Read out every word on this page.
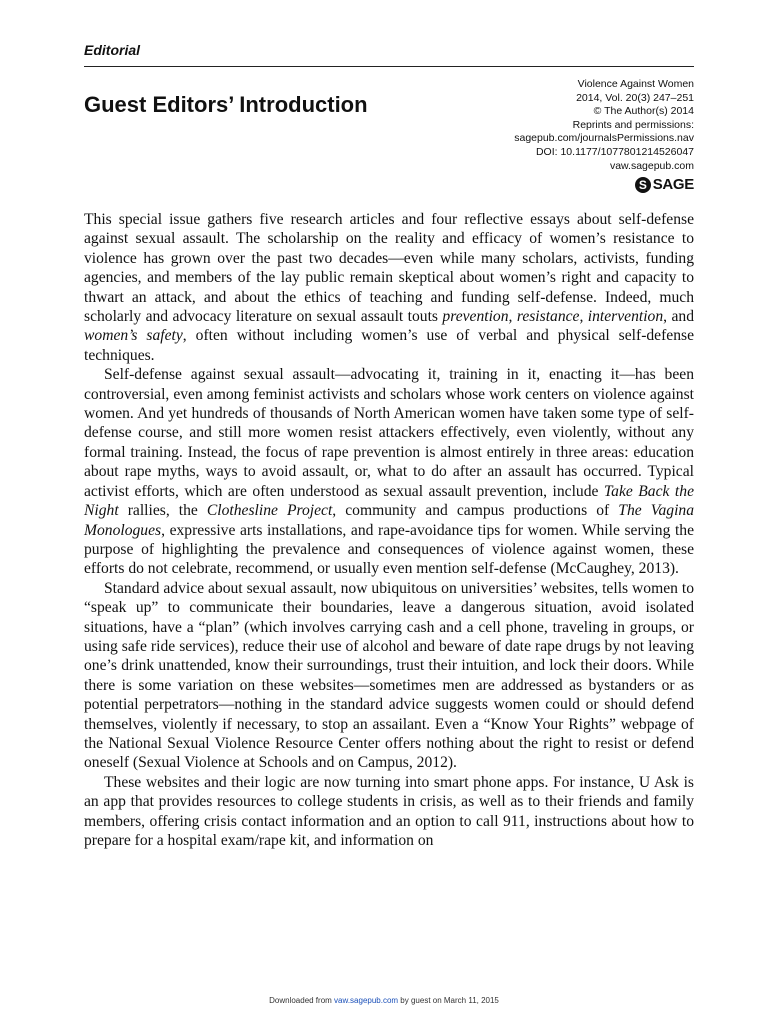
Editorial
Guest Editors’ Introduction
Violence Against Women
2014, Vol. 20(3) 247–251
© The Author(s) 2014
Reprints and permissions:
sagepub.com/journalsPermissions.nav
DOI: 10.1177/1077801214526047
vaw.sagepub.com
S SAGE

This special issue gathers five research articles and four reflective essays about self-defense against sexual assault. The scholarship on the reality and efficacy of women’s resistance to violence has grown over the past two decades—even while many scholars, activists, funding agencies, and members of the lay public remain skeptical about women’s right and capacity to thwart an attack, and about the ethics of teaching and funding self-defense. Indeed, much scholarly and advocacy literature on sexual assault touts prevention, resistance, intervention, and women’s safety, often without including women’s use of verbal and physical self-defense techniques.

Self-defense against sexual assault—advocating it, training in it, enacting it—has been controversial, even among feminist activists and scholars whose work centers on violence against women. And yet hundreds of thousands of North American women have taken some type of self-defense course, and still more women resist attackers effectively, even violently, without any formal training. Instead, the focus of rape prevention is almost entirely in three areas: education about rape myths, ways to avoid assault, or, what to do after an assault has occurred. Typical activist efforts, which are often understood as sexual assault prevention, include Take Back the Night rallies, the Clothesline Project, community and campus productions of The Vagina Monologues, expressive arts installations, and rape-avoidance tips for women. While serving the purpose of highlighting the prevalence and consequences of violence against women, these efforts do not celebrate, recommend, or usually even mention self-defense (McCaughey, 2013).

Standard advice about sexual assault, now ubiquitous on universities’ websites, tells women to “speak up” to communicate their boundaries, leave a dangerous situation, avoid isolated situations, have a “plan” (which involves carrying cash and a cell phone, traveling in groups, or using safe ride services), reduce their use of alcohol and beware of date rape drugs by not leaving one’s drink unattended, know their surroundings, trust their intuition, and lock their doors. While there is some variation on these websites—sometimes men are addressed as bystanders or as potential perpetrators—nothing in the standard advice suggests women could or should defend themselves, violently if necessary, to stop an assailant. Even a “Know Your Rights” webpage of the National Sexual Violence Resource Center offers nothing about the right to resist or defend oneself (Sexual Violence at Schools and on Campus, 2012).

These websites and their logic are now turning into smart phone apps. For instance, U Ask is an app that provides resources to college students in crisis, as well as to their friends and family members, offering crisis contact information and an option to call 911, instructions about how to prepare for a hospital exam/rape kit, and information on

Downloaded from vaw.sagepub.com by guest on March 11, 2015
